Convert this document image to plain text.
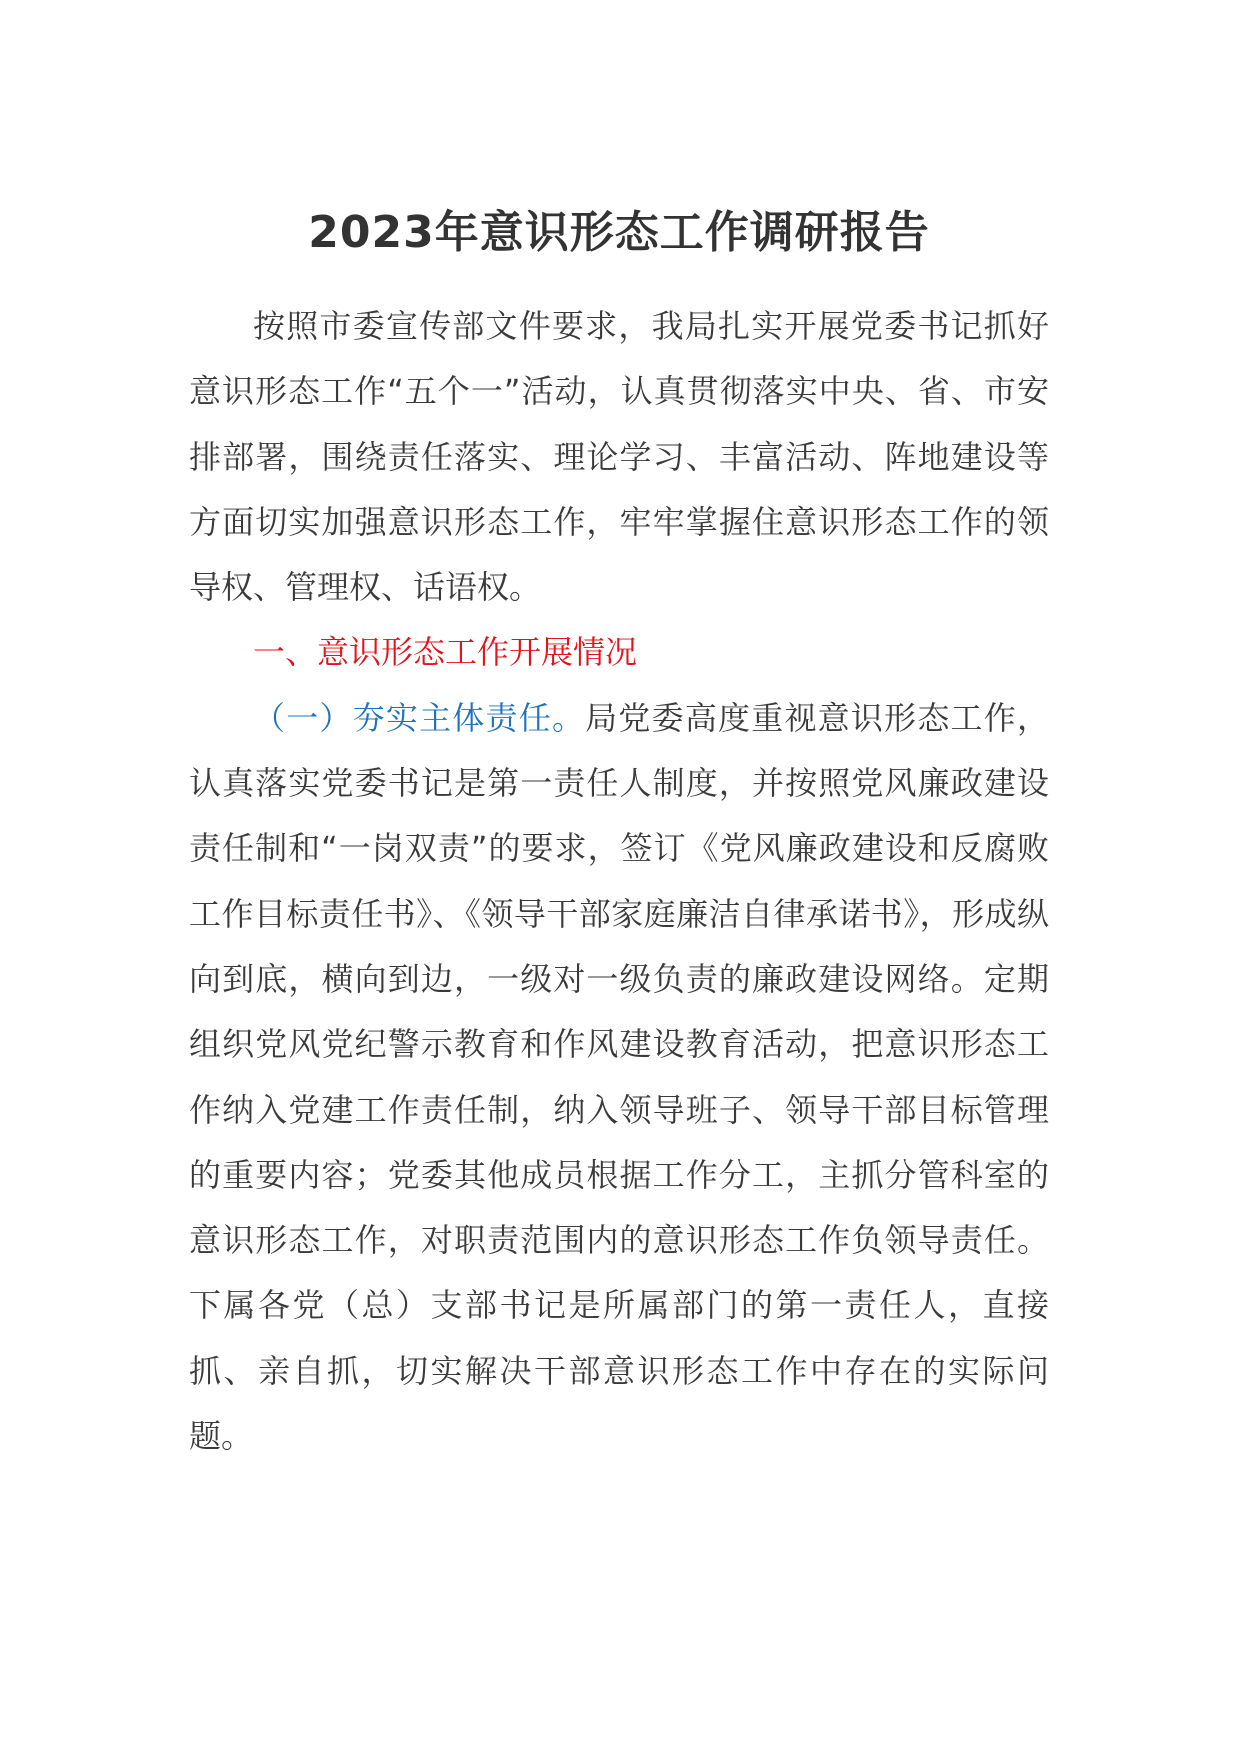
2023年意识形态工作调研报告

按照市委宣传部文件要求，我局扎实开展党委书记抓好意识形态工作“五个一”活动，认真贯彻落实中央、省、市安排部署，围绕责任落实、理论学习、丰富活动、阵地建设等方面切实加强意识形态工作，牢牢掌握住意识形态工作的领导权、管理权、话语权。

一、意识形态工作开展情况

（一）夯实主体责任。局党委高度重视意识形态工作，认真落实党委书记是第一责任人制度，并按照党风廉政建设责任制和“一岗双责”的要求，签订《党风廉政建设和反腐败工作目标责任书》、《领导干部家庭廉洁自律承诺书》，形成纵向到底，横向到边，一级对一级负责的廉政建设网络。定期组织党风党纪警示教育和作风建设教育活动，把意识形态工作纳入党建工作责任制，纳入领导班子、领导干部目标管理的重要内容；党委其他成员根据工作分工，主抓分管科室的意识形态工作，对职责范围内的意识形态工作负领导责任。下属各党（总）支部书记是所属部门的第一责任人，直接抓、亲自抓，切实解决干部意识形态工作中存在的实际问题。
